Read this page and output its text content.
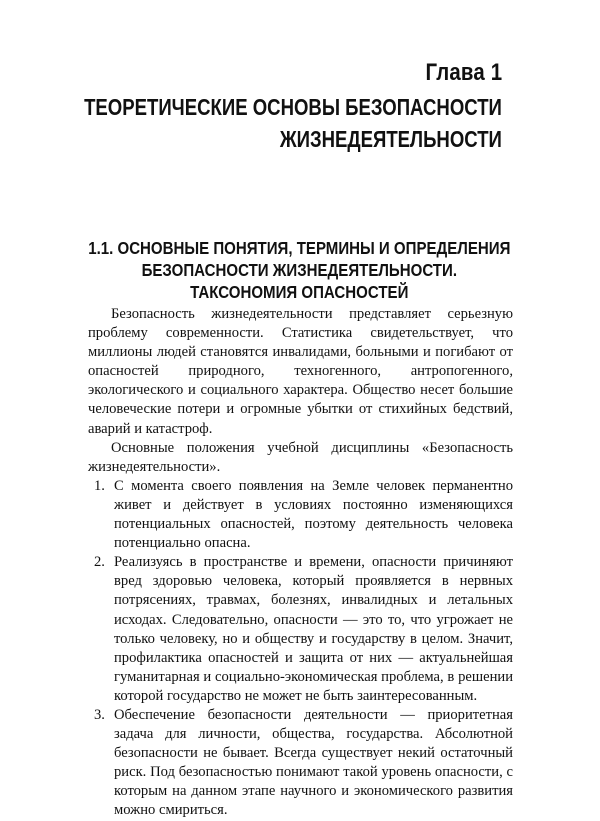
Глава 1
ТЕОРЕТИЧЕСКИЕ ОСНОВЫ БЕЗОПАСНОСТИ
ЖИЗНЕДЕЯТЕЛЬНОСТИ
1.1. ОСНОВНЫЕ ПОНЯТИЯ, ТЕРМИНЫ И ОПРЕДЕЛЕНИЯ
БЕЗОПАСНОСТИ ЖИЗНЕДЕЯТЕЛЬНОСТИ.
ТАКСОНОМИЯ ОПАСНОСТЕЙ

Безопасность жизнедеятельности представляет серьезную проблему современности. Статистика свидетельствует, что миллионы людей становятся инвалидами, больными и погибают от опасностей природного, техногенного, антропогенного, экологического и социального характера. Общество несет большие человеческие потери и огромные убытки от стихийных бедствий, аварий и катастроф.

Основные положения учебной дисциплины «Безопасность жизнедеятельности».

1. С момента своего появления на Земле человек перманентно живет и действует в условиях постоянно изменяющихся потенциальных опасностей, поэтому деятельность человека потенциально опасна.
2. Реализуясь в пространстве и времени, опасности причиняют вред здоровью человека, который проявляется в нервных потрясениях, травмах, болезнях, инвалидных и летальных исходах. Следовательно, опасности — это то, что угрожает не только человеку, но и обществу и государству в целом. Значит, профилактика опасностей и защита от них — актуальнейшая гуманитарная и социально-экономическая проблема, в решении которой государство не может не быть заинтересованным.
3. Обеспечение безопасности деятельности — приоритетная задача для личности, общества, государства. Абсолютной безопасности не бывает. Всегда существует некий остаточный риск. Под безопасностью понимают такой уровень опасности, с которым на данном этапе научного и экономического развития можно смириться.
